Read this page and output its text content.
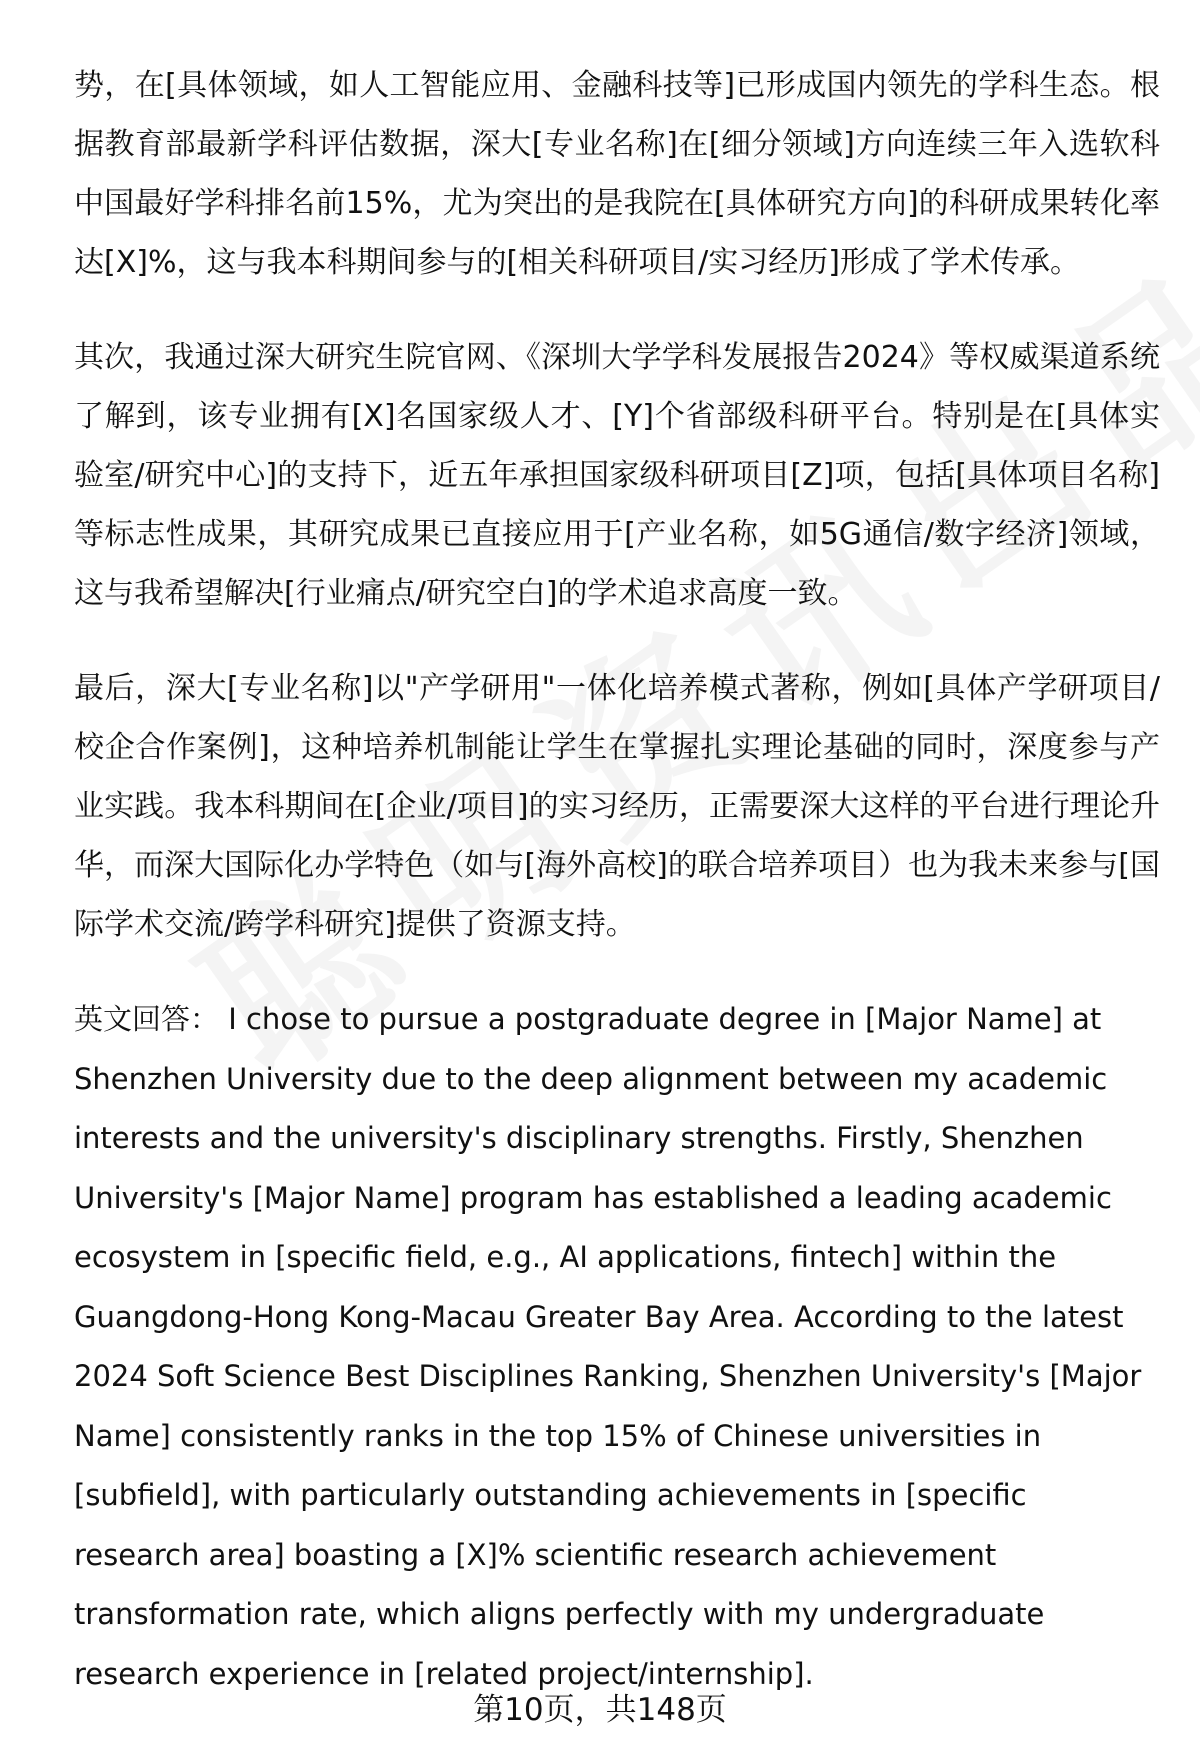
势，在[具体领域，如人工智能应用、金融科技等]已形成国内领先的学科生态。根据教育部最新学科评估数据，深大[专业名称]在[细分领域]方向连续三年入选软科中国最好学科排名前15%，尤为突出的是我院在[具体研究方向]的科研成果转化率达[X]%，这与我本科期间参与的[相关科研项目/实习经历]形成了学术传承。

其次，我通过深大研究生院官网、《深圳大学学科发展报告2024》等权威渠道系统了解到，该专业拥有[X]名国家级人才、[Y]个省部级科研平台。特别是在[具体实验室/研究中心]的支持下，近五年承担国家级科研项目[Z]项，包括[具体项目名称]等标志性成果，其研究成果已直接应用于[产业名称，如5G通信/数字经济]领域，这与我希望解决[行业痛点/研究空白]的学术追求高度一致。

最后，深大[专业名称]以"产学研用"一体化培养模式著称，例如[具体产学研项目/校企合作案例]，这种培养机制能让学生在掌握扎实理论基础的同时，深度参与产业实践。我本科期间在[企业/项目]的实习经历，正需要深大这样的平台进行理论升华，而深大国际化办学特色（如与[海外高校]的联合培养项目）也为我未来参与[国际学术交流/跨学科研究]提供了资源支持。

英文回答： I chose to pursue a postgraduate degree in [Major Name] at Shenzhen University due to the deep alignment between my academic interests and the university's disciplinary strengths. Firstly, Shenzhen University's [Major Name] program has established a leading academic ecosystem in [specific field, e.g., AI applications, fintech] within the Guangdong-Hong Kong-Macau Greater Bay Area. According to the latest 2024 Soft Science Best Disciplines Ranking, Shenzhen University's [Major Name] consistently ranks in the top 15% of Chinese universities in [subfield], with particularly outstanding achievements in [specific research area] boasting a [X]% scientific research achievement transformation rate, which aligns perfectly with my undergraduate research experience in [related project/internship].

第10页，共148页
